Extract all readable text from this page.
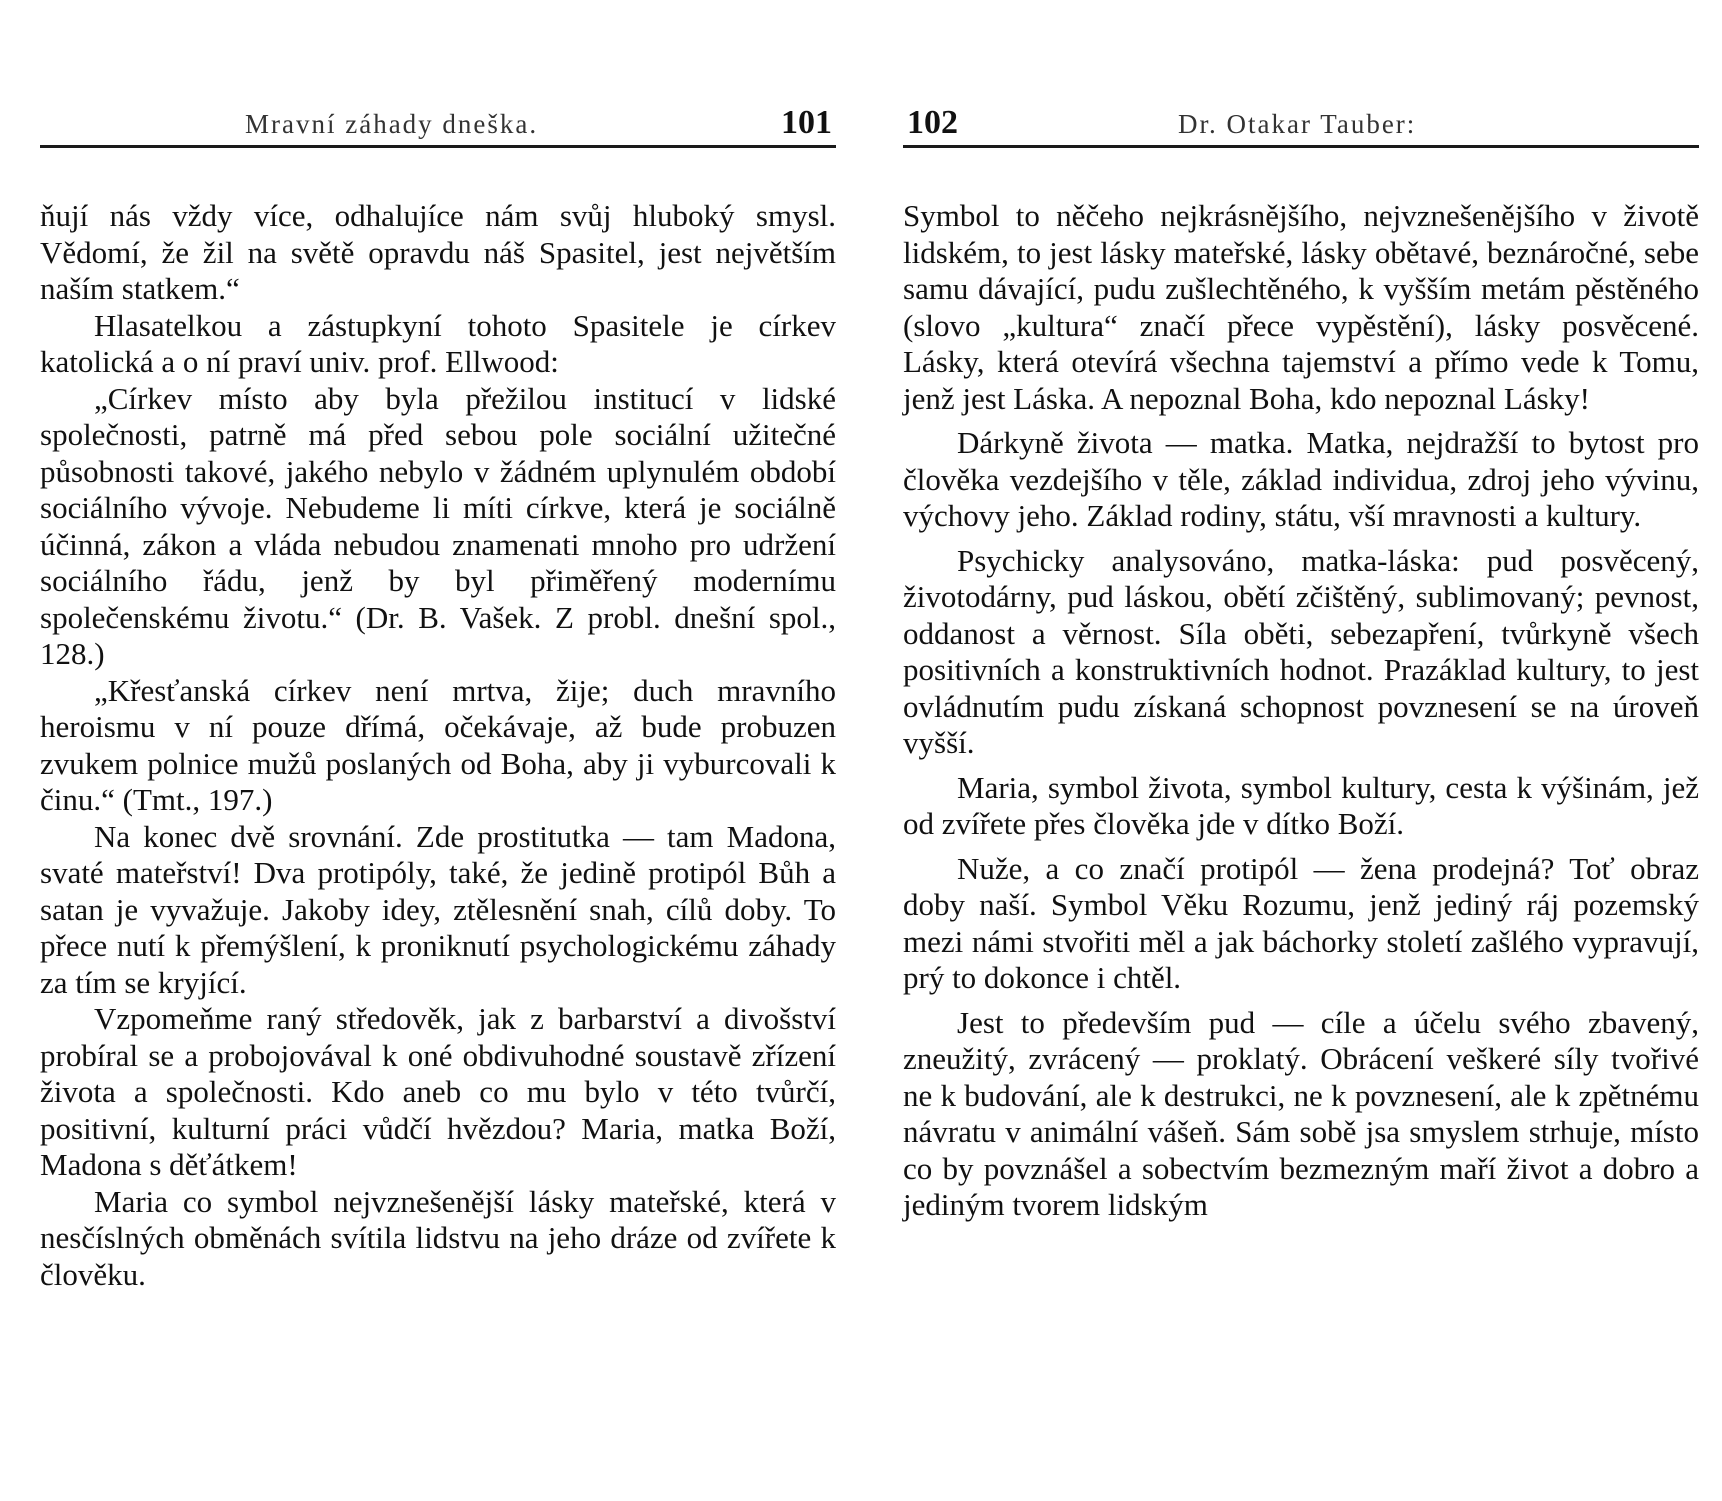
Mravní záhady dneška.	101

ňují nás vždy více, odhalujíce nám svůj hluboký smysl. Vědomí, že žil na světě opravdu náš Spasitel, jest největším naším statkem.“

Hlasatelkou a zástupkyní tohoto Spasitele je církev katolická a o ní praví univ. prof. Ellwood:

„Církev místo aby byla přežilou institucí v lidské společnosti, patrně má před sebou pole sociální užitečné působnosti takové, jakého nebylo v žádném uplynulém období sociálního vývoje. Nebudeme li míti církve, která je sociálně účinná, zákon a vláda nebudou znamenati mnoho pro udržení sociálního řádu, jenž by byl přiměřený modernímu společenskému životu.“ (Dr. B. Vašek. Z probl. dnešní spol., 128.)

„Křesťanská církev není mrtva, žije; duch mravního heroismu v ní pouze dřímá, očekávaje, až bude probuzen zvukem polnice mužů poslaných od Boha, aby ji vyburcovali k činu.“ (Tmt., 197.)

Na konec dvě srovnání. Zde prostitutka — tam Madona, svaté mateřství! Dva protipóly, také, že jedině protipól Bůh a satan je vyvažuje. Jakoby idey, ztělesnění snah, cílů doby. To přece nutí k přemýšlení, k proniknutí psychologickému záhady za tím se kryjící.

Vzpomeňme raný středověk, jak z barbarství a divošství probíral se a probojovával k oné obdivuhodné soustavě zřízení života a společnosti. Kdo aneb co mu bylo v této tvůrčí, positivní, kulturní práci vůdčí hvězdou? Maria, matka Boží, Madona s děťátkem!

Maria co symbol nejvznešenější lásky mateřské, která v nesčíslných obměnách svítila lidstvu na jeho dráze od zvířete k člověku.

102	Dr. Otakar Tauber:

Symbol to něčeho nejkrásnějšího, nejvznešenějšího v životě lidském, to jest lásky mateřské, lásky obětavé, beznáročné, sebe samu dávající, pudu zušlechtěného, k vyšším metám pěstěného (slovo „kultura“ značí přece vypěstění), lásky posvěcené. Lásky, která otevírá všechna tajemství a přímo vede k Tomu, jenž jest Láska. A nepoznal Boha, kdo nepoznal Lásky!

Dárkyně života — matka. Matka, nejdražší to bytost pro člověka vezdejšího v těle, základ individua, zdroj jeho vývinu, výchovy jeho. Základ rodiny, státu, vší mravnosti a kultury.

Psychicky analysováno, matka-láska: pud posvěcený, životodárny, pud láskou, obětí zčištěný, sublimovaný; pevnost, oddanost a věrnost. Síla oběti, sebezapření, tvůrkyně všech positivních a konstruktivních hodnot. Prazáklad kultury, to jest ovládnutím pudu získaná schopnost povznesení se na úroveň vyšší.

Maria, symbol života, symbol kultury, cesta k výšinám, jež od zvířete přes člověka jde v dítko Boží.

Nuže, a co značí protipól — žena prodejná? Toť obraz doby naší. Symbol Věku Rozumu, jenž jediný ráj pozemský mezi námi stvořiti měl a jak báchorky století zašlého vypravují, prý to dokonce i chtěl.

Jest to především pud — cíle a účelu svého zbavený, zneužitý, zvrácený — proklatý. Obrácení veškeré síly tvořivé ne k budování, ale k destrukci, ne k povznesení, ale k zpětnému návratu v animální vášeň. Sám sobě jsa smyslem strhuje, místo co by povznášel a sobectvím bezmezným maří život a dobro a jediným tvorem lidským
